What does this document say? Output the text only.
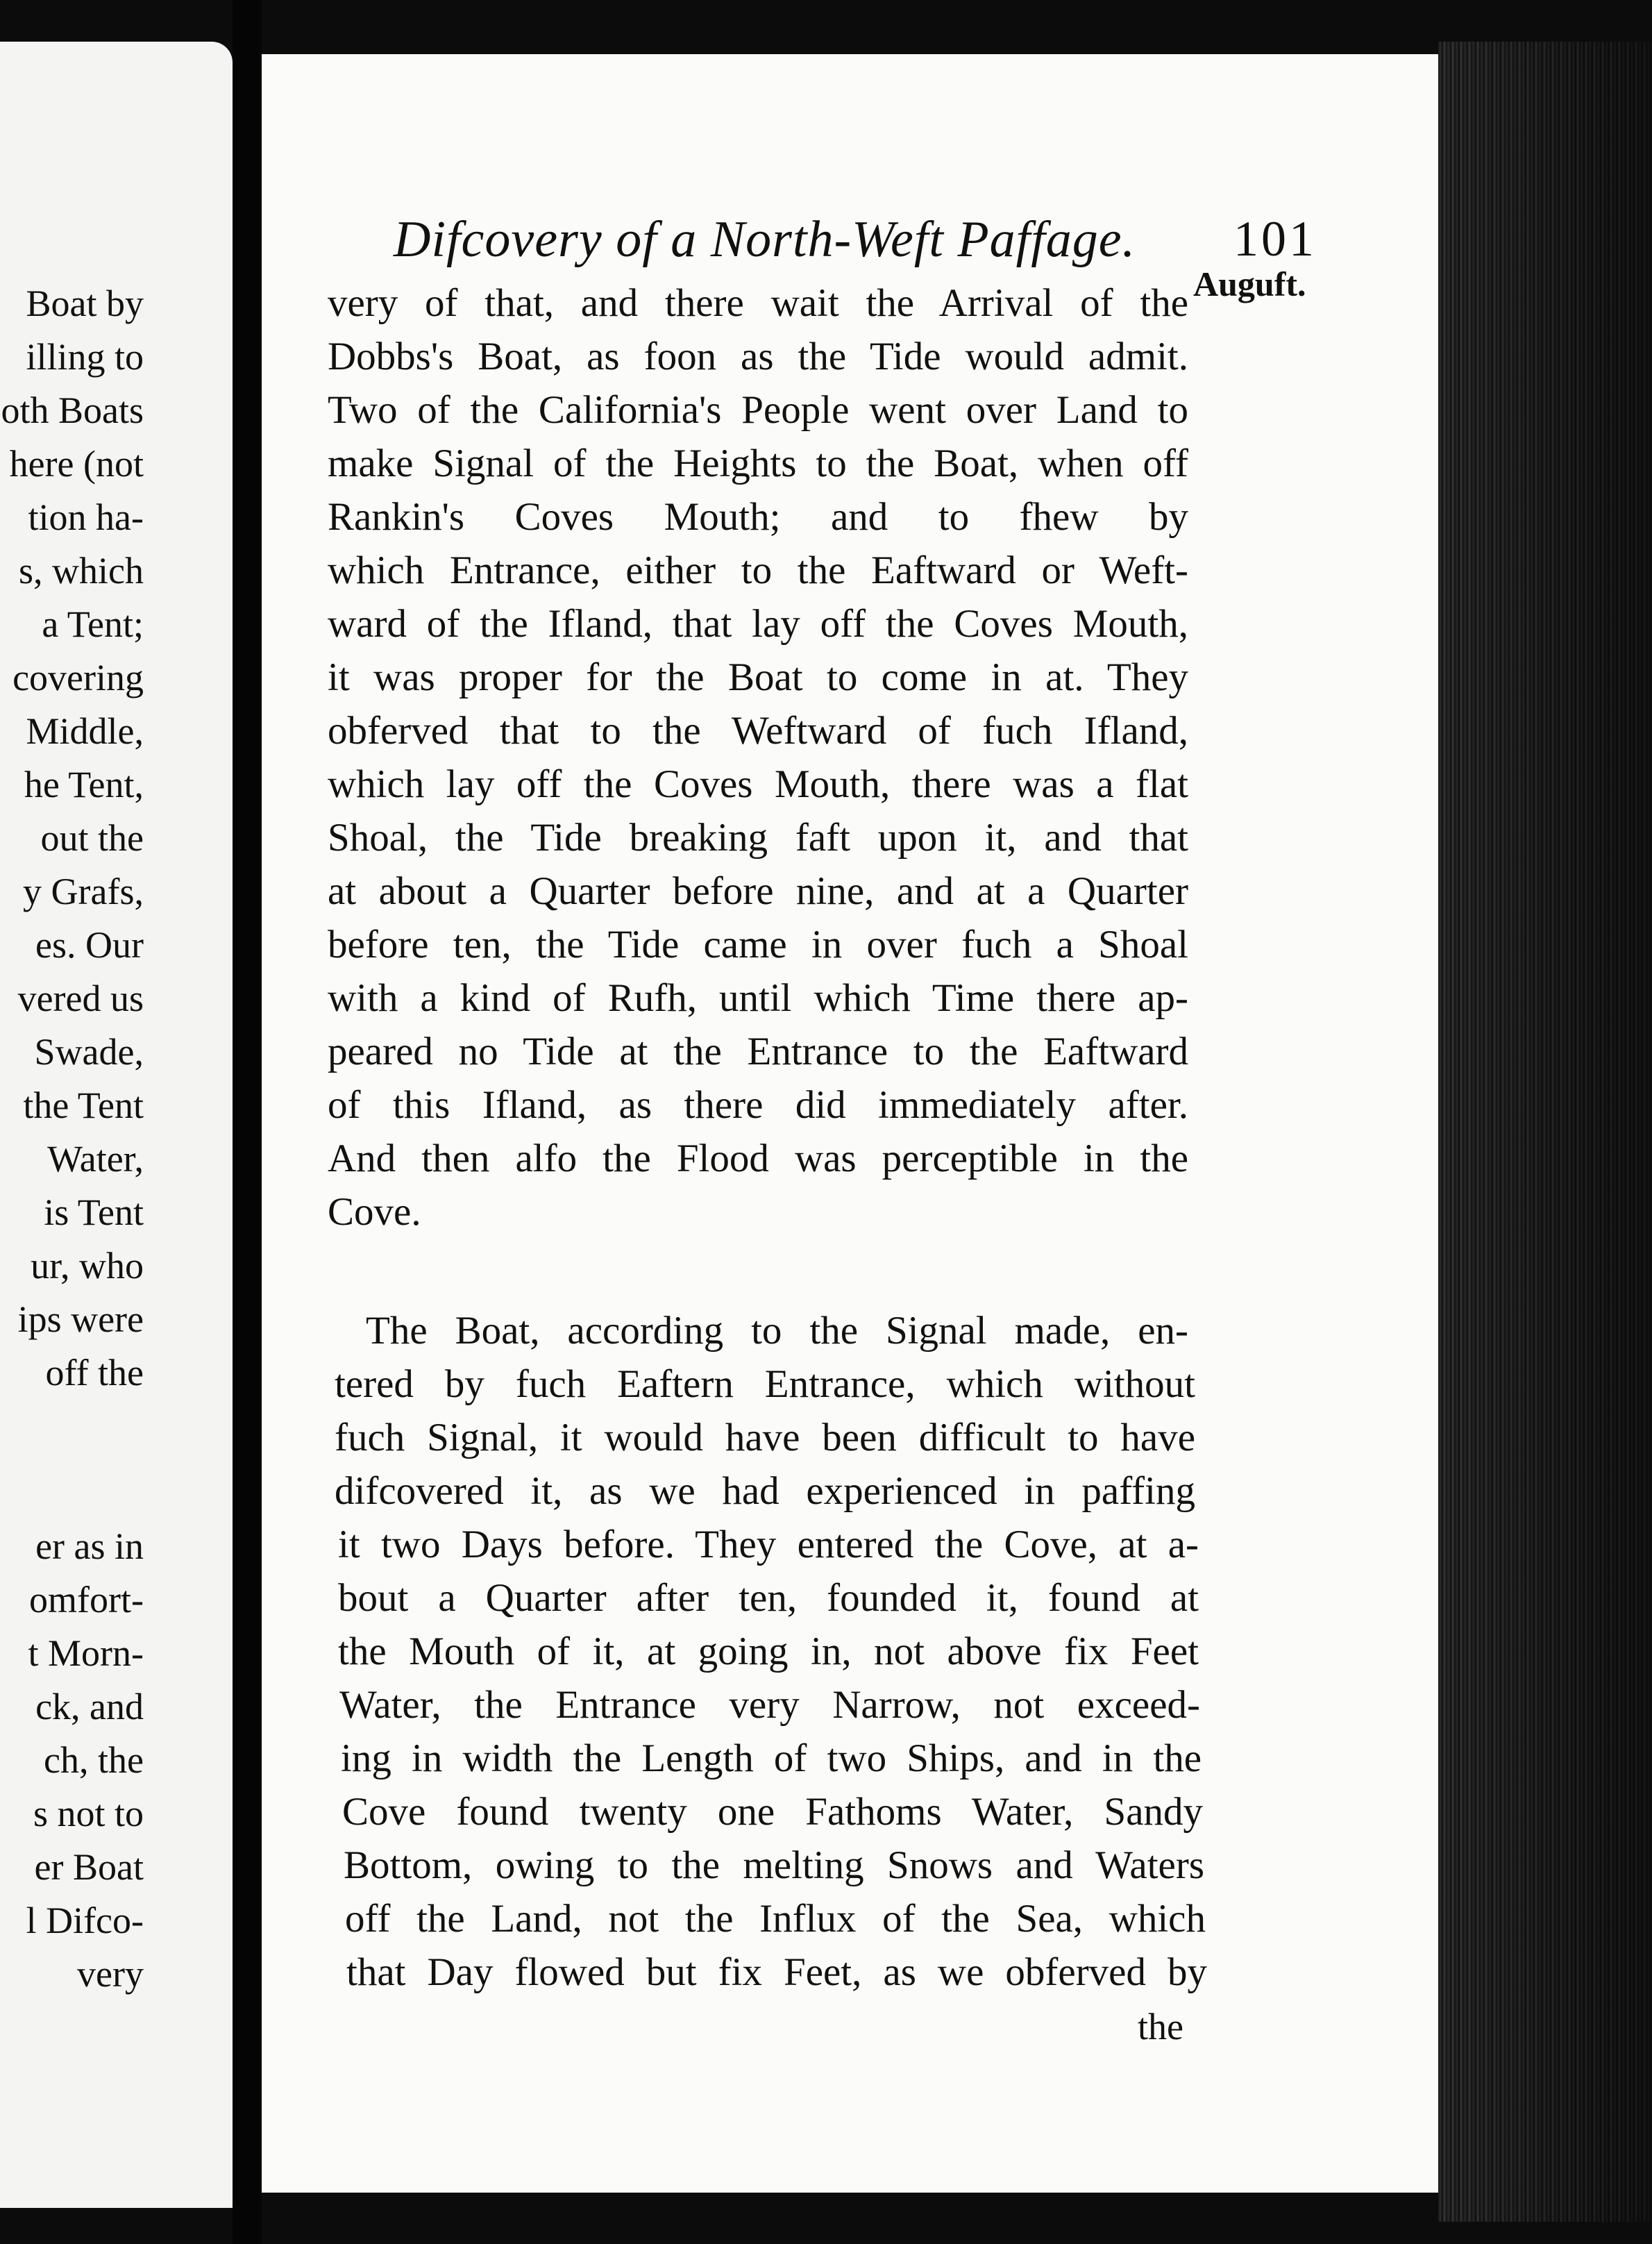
Boat by
illing to
oth Boats
here (not
tion ha-
s, which
a Tent;
covering
Middle,
he Tent,
out the
y Grafs,
es. Our
vered us
Swade,
the Tent
Water,
is Tent
ur, who
ips were
off the
er as in
omfort-
t Morn-
ck, and
ch, the
s not to
er Boat
l Difco-
very
Difcovery of a North-Weft Paffage. 101
Auguft.
very of that, and there wait the Arrival of the
Dobbs's Boat, as foon as the Tide would admit.
Two of the California's People went over Land to
make Signal of the Heights to the Boat, when off
Rankin's Coves Mouth; and to fhew by
which Entrance, either to the Eaftward or Weft-
ward of the Ifland, that lay off the Coves Mouth,
it was proper for the Boat to come in at. They
obferved that to the Weftward of fuch Ifland,
which lay off the Coves Mouth, there was a flat
Shoal, the Tide breaking faft upon it, and that
at about a Quarter before nine, and at a Quarter
before ten, the Tide came in over fuch a Shoal
with a kind of Rufh, until which Time there ap-
peared no Tide at the Entrance to the Eaftward
of this Ifland, as there did immediately after.
And then alfo the Flood was perceptible in the
Cove.
The Boat, according to the Signal made, en-
tered by fuch Eaftern Entrance, which without
fuch Signal, it would have been difficult to have
difcovered it, as we had experienced in paffing
it two Days before. They entered the Cove, at a-
bout a Quarter after ten, founded it, found at
the Mouth of it, at going in, not above fix Feet
Water, the Entrance very Narrow, not exceed-
ing in width the Length of two Ships, and in the
Cove found twenty one Fathoms Water, Sandy
Bottom, owing to the melting Snows and Waters
off the Land, not the Influx of the Sea, which
that Day flowed but fix Feet, as we obferved by
the
